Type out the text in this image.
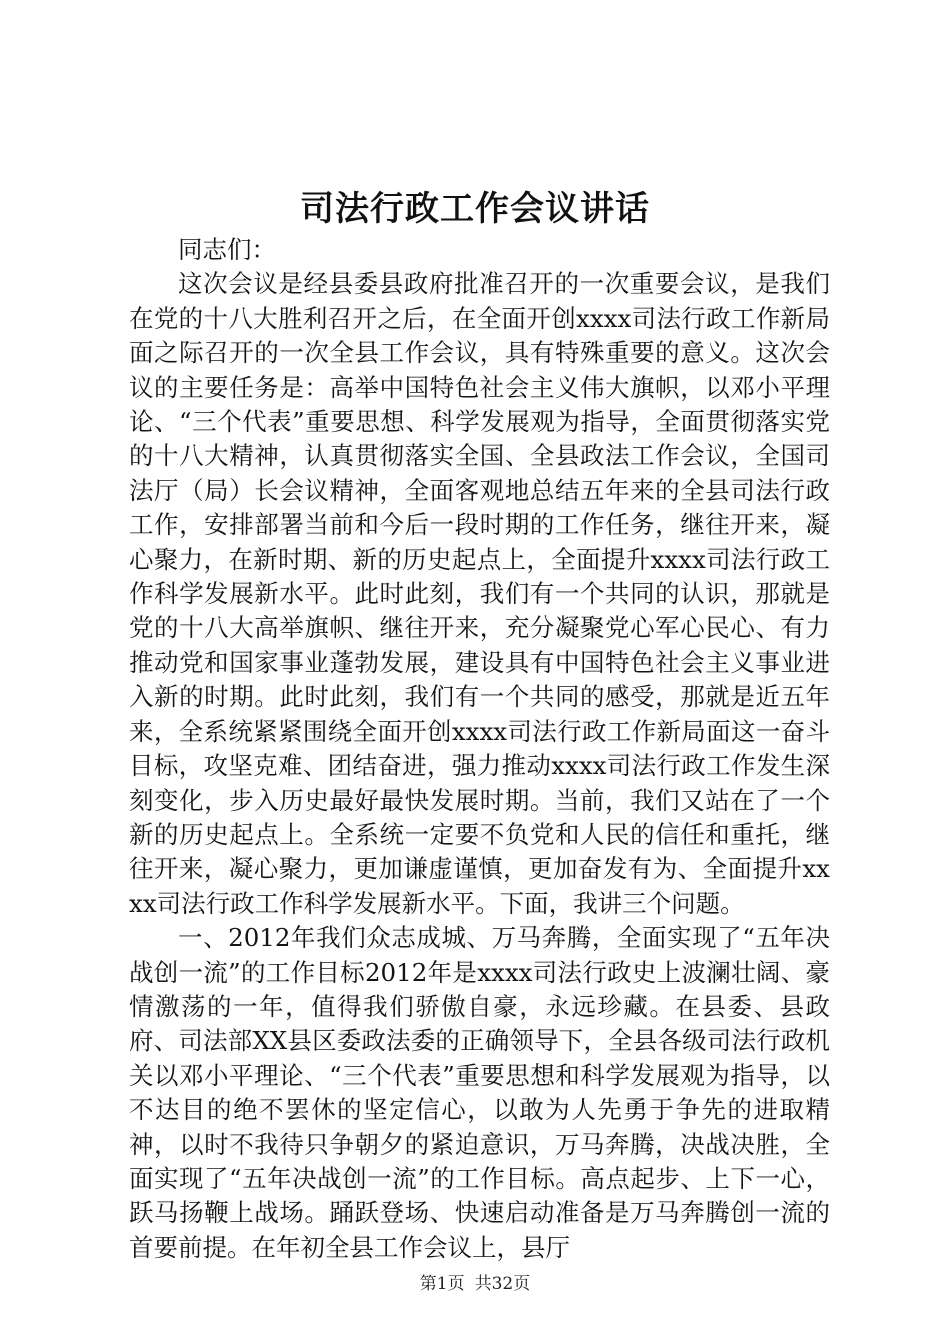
司法行政工作会议讲话

同志们：

这次会议是经县委县政府批准召开的一次重要会议，是我们在党的十八大胜利召开之后，在全面开创xxxx司法行政工作新局面之际召开的一次全县工作会议，具有特殊重要的意义。这次会议的主要任务是：高举中国特色社会主义伟大旗帜，以邓小平理论、“三个代表”重要思想、科学发展观为指导，全面贯彻落实党的十八大精神，认真贯彻落实全国、全县政法工作会议，全国司法厅（局）长会议精神，全面客观地总结五年来的全县司法行政工作，安排部署当前和今后一段时期的工作任务，继往开来，凝心聚力，在新时期、新的历史起点上，全面提升xxxx司法行政工作科学发展新水平。此时此刻，我们有一个共同的认识，那就是党的十八大高举旗帜、继往开来，充分凝聚党心军心民心、有力推动党和国家事业蓬勃发展，建设具有中国特色社会主义事业进入新的时期。此时此刻，我们有一个共同的感受，那就是近五年来，全系统紧紧围绕全面开创xxxx司法行政工作新局面这一奋斗目标，攻坚克难、团结奋进，强力推动xxxx司法行政工作发生深刻变化，步入历史最好最快发展时期。当前，我们又站在了一个新的历史起点上。全系统一定要不负党和人民的信任和重托，继往开来，凝心聚力，更加谦虚谨慎，更加奋发有为、全面提升xxxx司法行政工作科学发展新水平。下面，我讲三个问题。

一、2012年我们众志成城、万马奔腾，全面实现了“五年决战创一流”的工作目标2012年是xxxx司法行政史上波澜壮阔、豪情激荡的一年，值得我们骄傲自豪，永远珍藏。在县委、县政府、司法部XX县区委政法委的正确领导下，全县各级司法行政机关以邓小平理论、“三个代表”重要思想和科学发展观为指导，以不达目的绝不罢休的坚定信心，以敢为人先勇于争先的进取精神，以时不我待只争朝夕的紧迫意识，万马奔腾，决战决胜，全面实现了“五年决战创一流”的工作目标。高点起步、上下一心，跃马扬鞭上战场。踊跃登场、快速启动准备是万马奔腾创一流的首要前提。在年初全县工作会议上，县厅

第1页 共32页
